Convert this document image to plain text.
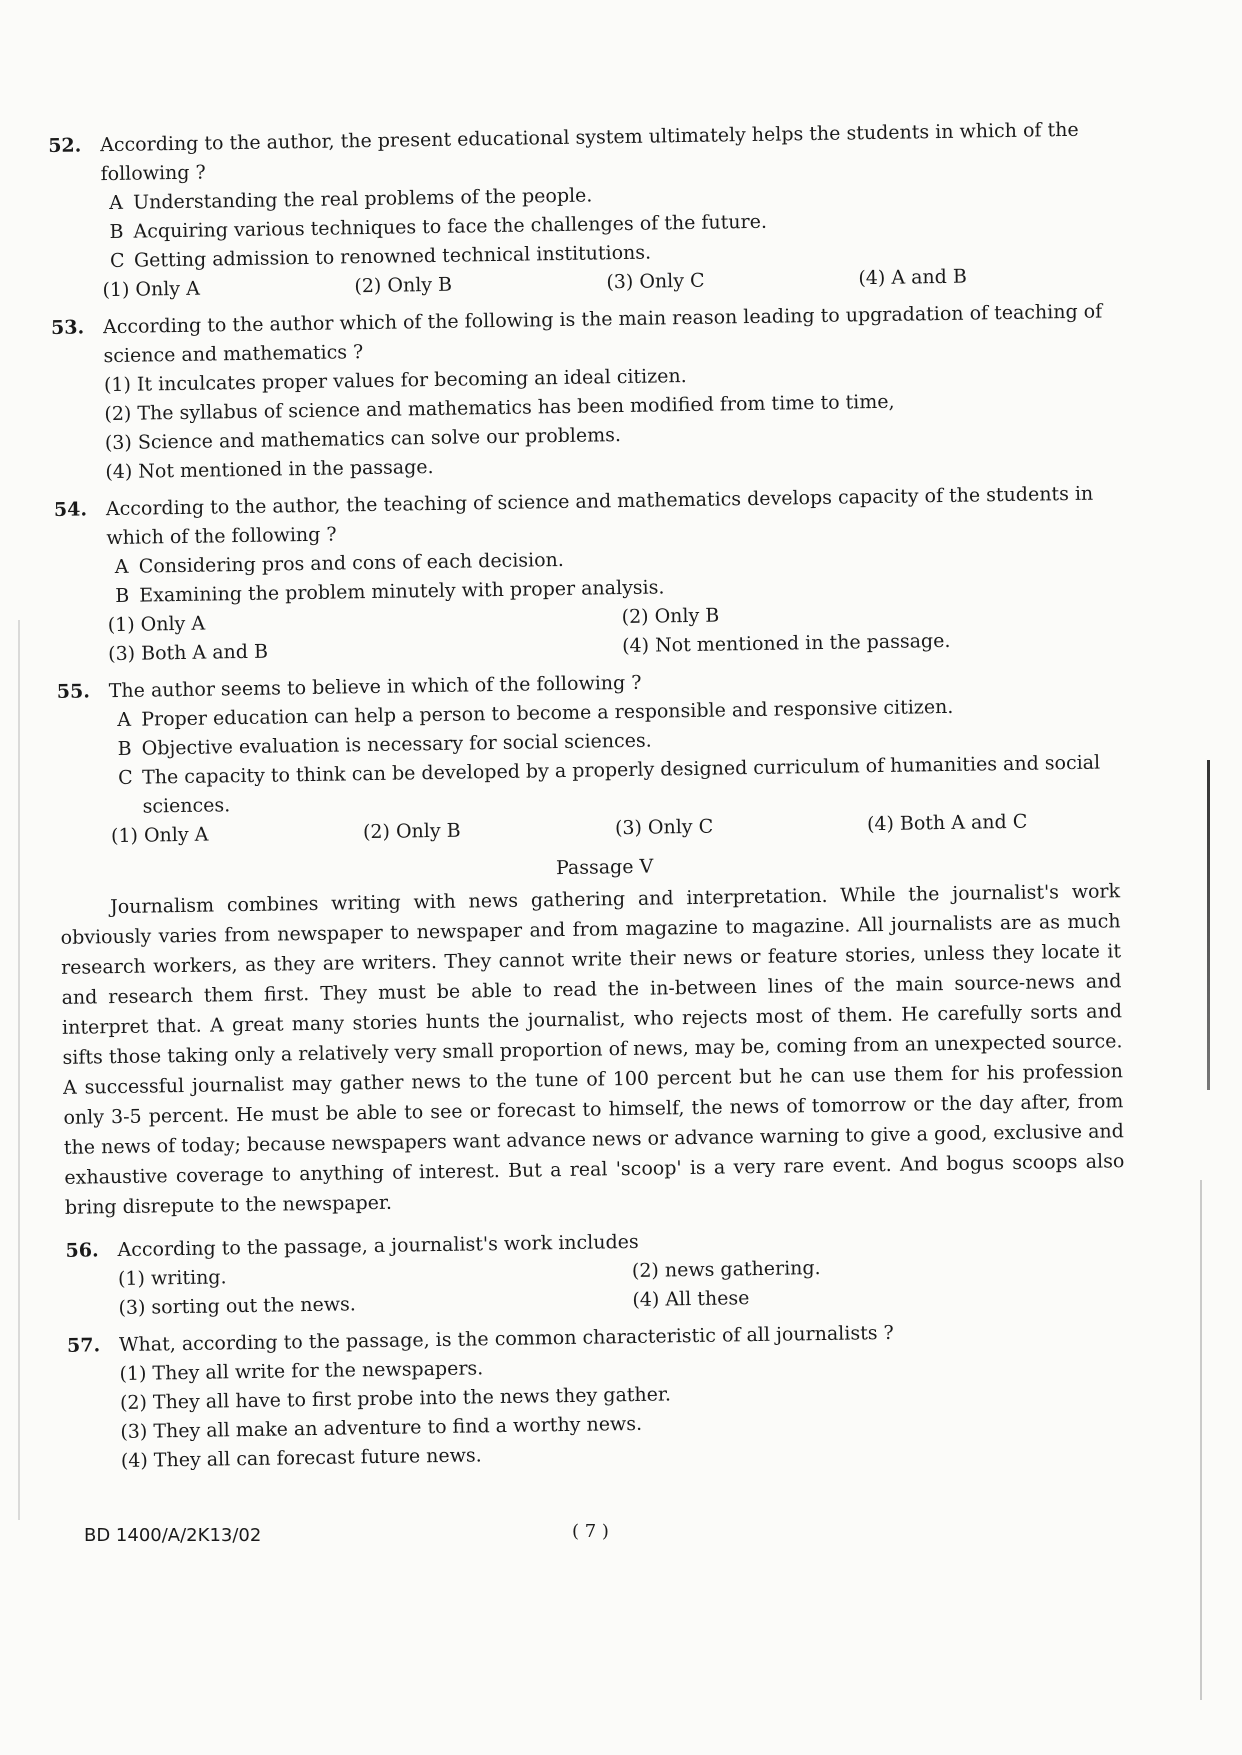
52. According to the author, the present educational system ultimately helps the students in which of the following ?
A Understanding the real problems of the people.
B Acquiring various techniques to face the challenges of the future.
C Getting admission to renowned technical institutions.
(1) Only A	(2) Only B	(3) Only C	(4) A and B
53. According to the author which of the following is the main reason leading to upgradation of teaching of science and mathematics ?
(1) It inculcates proper values for becoming an ideal citizen.
(2) The syllabus of science and mathematics has been modified from time to time,
(3) Science and mathematics can solve our problems.
(4) Not mentioned in the passage.
54. According to the author, the teaching of science and mathematics develops capacity of the students in which of the following ?
A Considering pros and cons of each decision.
B Examining the problem minutely with proper analysis.
(1) Only A	(2) Only B
(3) Both A and B	(4) Not mentioned in the passage.
55. The author seems to believe in which of the following ?
A Proper education can help a person to become a responsible and responsive citizen.
B Objective evaluation is necessary for social sciences.
C The capacity to think can be developed by a properly designed curriculum of humanities and social sciences.
(1) Only A	(2) Only B	(3) Only C	(4) Both A and C
Passage V

Journalism combines writing with news gathering and interpretation. While the journalist's work obviously varies from newspaper to newspaper and from magazine to magazine. All journalists are as much research workers, as they are writers. They cannot write their news or feature stories, unless they locate it and research them first. They must be able to read the in-between lines of the main source-news and interpret that. A great many stories hunts the journalist, who rejects most of them. He carefully sorts and sifts those taking only a relatively very small proportion of news, may be, coming from an unexpected source. A successful journalist may gather news to the tune of 100 percent but he can use them for his profession only 3-5 percent. He must be able to see or forecast to himself, the news of tomorrow or the day after, from the news of today; because newspapers want advance news or advance warning to give a good, exclusive and exhaustive coverage to anything of interest. But a real 'scoop' is a very rare event. And bogus scoops also bring disrepute to the newspaper.

56. According to the passage, a journalist's work includes
(1) writing.	(2) news gathering.
(3) sorting out the news.	(4) All these
57. What, according to the passage, is the common characteristic of all journalists ?
(1) They all write for the newspapers.
(2) They all have to first probe into the news they gather.
(3) They all make an adventure to find a worthy news.
(4) They all can forecast future news.
BD 1400/A/2K13/02	( 7 )
